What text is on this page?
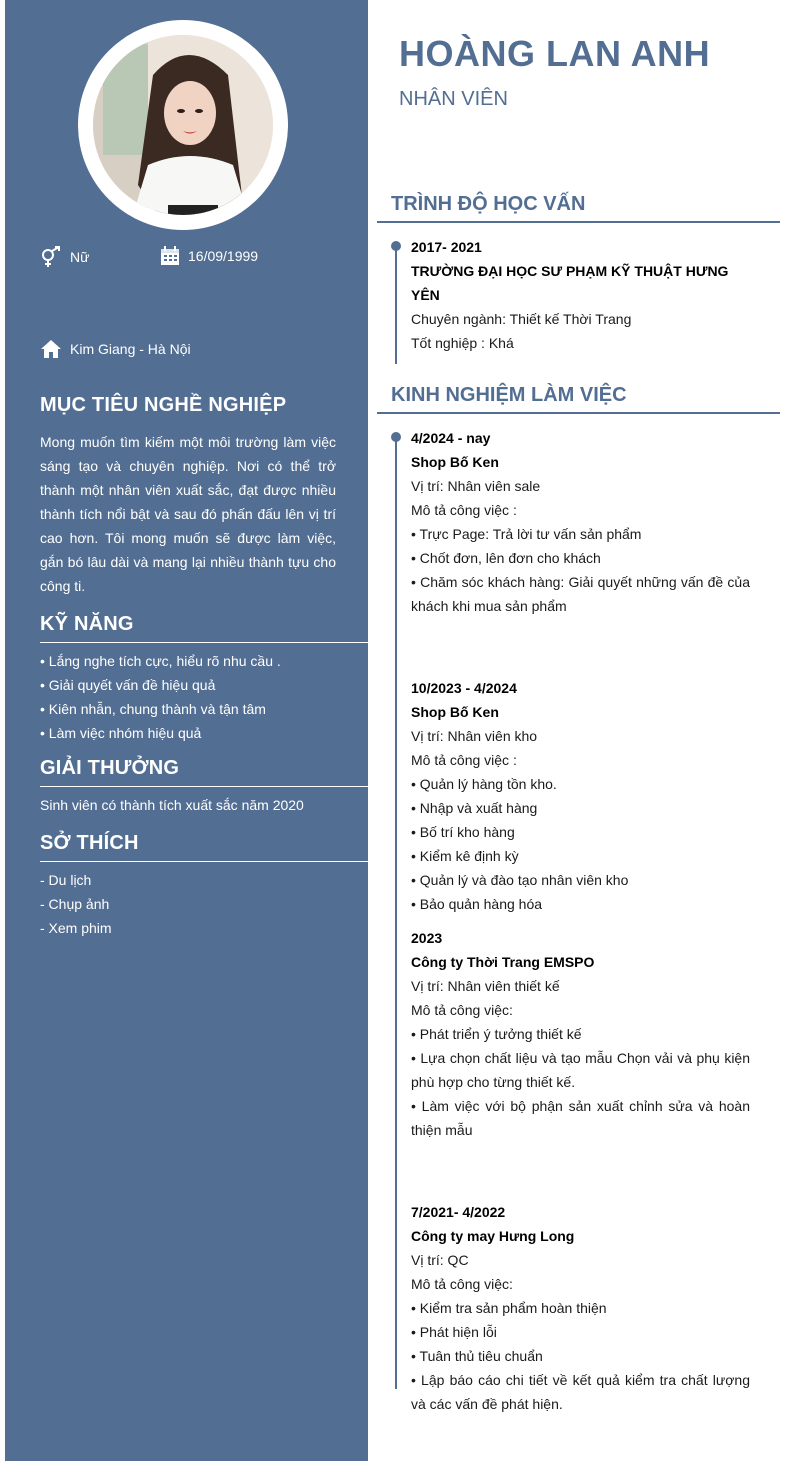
Nữ	16/09/1999
Kim Giang - Hà Nội
MỤC TIÊU NGHỀ NGHIỆP

Mong muốn tìm kiếm một môi trường làm việc sáng tạo và chuyên nghiệp. Nơi có thể trở thành một nhân viên xuất sắc, đạt được nhiều thành tích nổi bật và sau đó phấn đấu lên vị trí cao hơn. Tôi mong muốn sẽ được làm việc, gắn bó lâu dài và mang lại nhiều thành tựu cho công ti.

KỸ NĂNG
• Lắng nghe tích cực, hiểu rõ nhu cầu .
• Giải quyết vấn đề hiệu quả
• Kiên nhẫn, chung thành và tận tâm
• Làm việc nhóm hiệu quả
GIẢI THƯỞNG

Sinh viên có thành tích xuất sắc năm 2020

SỞ THÍCH
- Du lịch
- Chụp ảnh
- Xem phim
HOÀNG LAN ANH

NHÂN VIÊN

TRÌNH ĐỘ HỌC VẤN
2017- 2021
TRƯỜNG ĐẠI HỌC SƯ PHẠM KỸ THUẬT HƯNG YÊN
Chuyên ngành: Thiết kế Thời Trang
Tốt nghiệp : Khá
KINH NGHIỆM LÀM VIỆC
4/2024 - nay
Shop Bố Ken
Vị trí: Nhân viên sale
Mô tả công việc :
• Trực Page: Trả lời tư vấn sản phẩm
• Chốt đơn, lên đơn cho khách
• Chăm sóc khách hàng: Giải quyết những vấn đề của khách khi mua sản phẩm
10/2023 - 4/2024
Shop Bố Ken
Vị trí: Nhân viên kho
Mô tả công việc :
• Quản lý hàng tồn kho.
• Nhập và xuất hàng
• Bố trí kho hàng
• Kiểm kê định kỳ
• Quản lý và đào tạo nhân viên kho
• Bảo quản hàng hóa
2023
Công ty Thời Trang EMSPO
Vị trí: Nhân viên thiết kế
Mô tả công việc:
• Phát triển ý tưởng thiết kế
• Lựa chọn chất liệu và tạo mẫu Chọn vải và phụ kiện phù hợp cho từng thiết kế.
• Làm việc với bộ phận sản xuất chỉnh sửa và hoàn thiện mẫu
7/2021- 4/2022
Công ty may Hưng Long
Vị trí: QC
Mô tả công việc:
• Kiểm tra sản phẩm hoàn thiện
• Phát hiện lỗi
• Tuân thủ tiêu chuẩn
• Lập báo cáo chi tiết về kết quả kiểm tra chất lượng và các vấn đề phát hiện.
